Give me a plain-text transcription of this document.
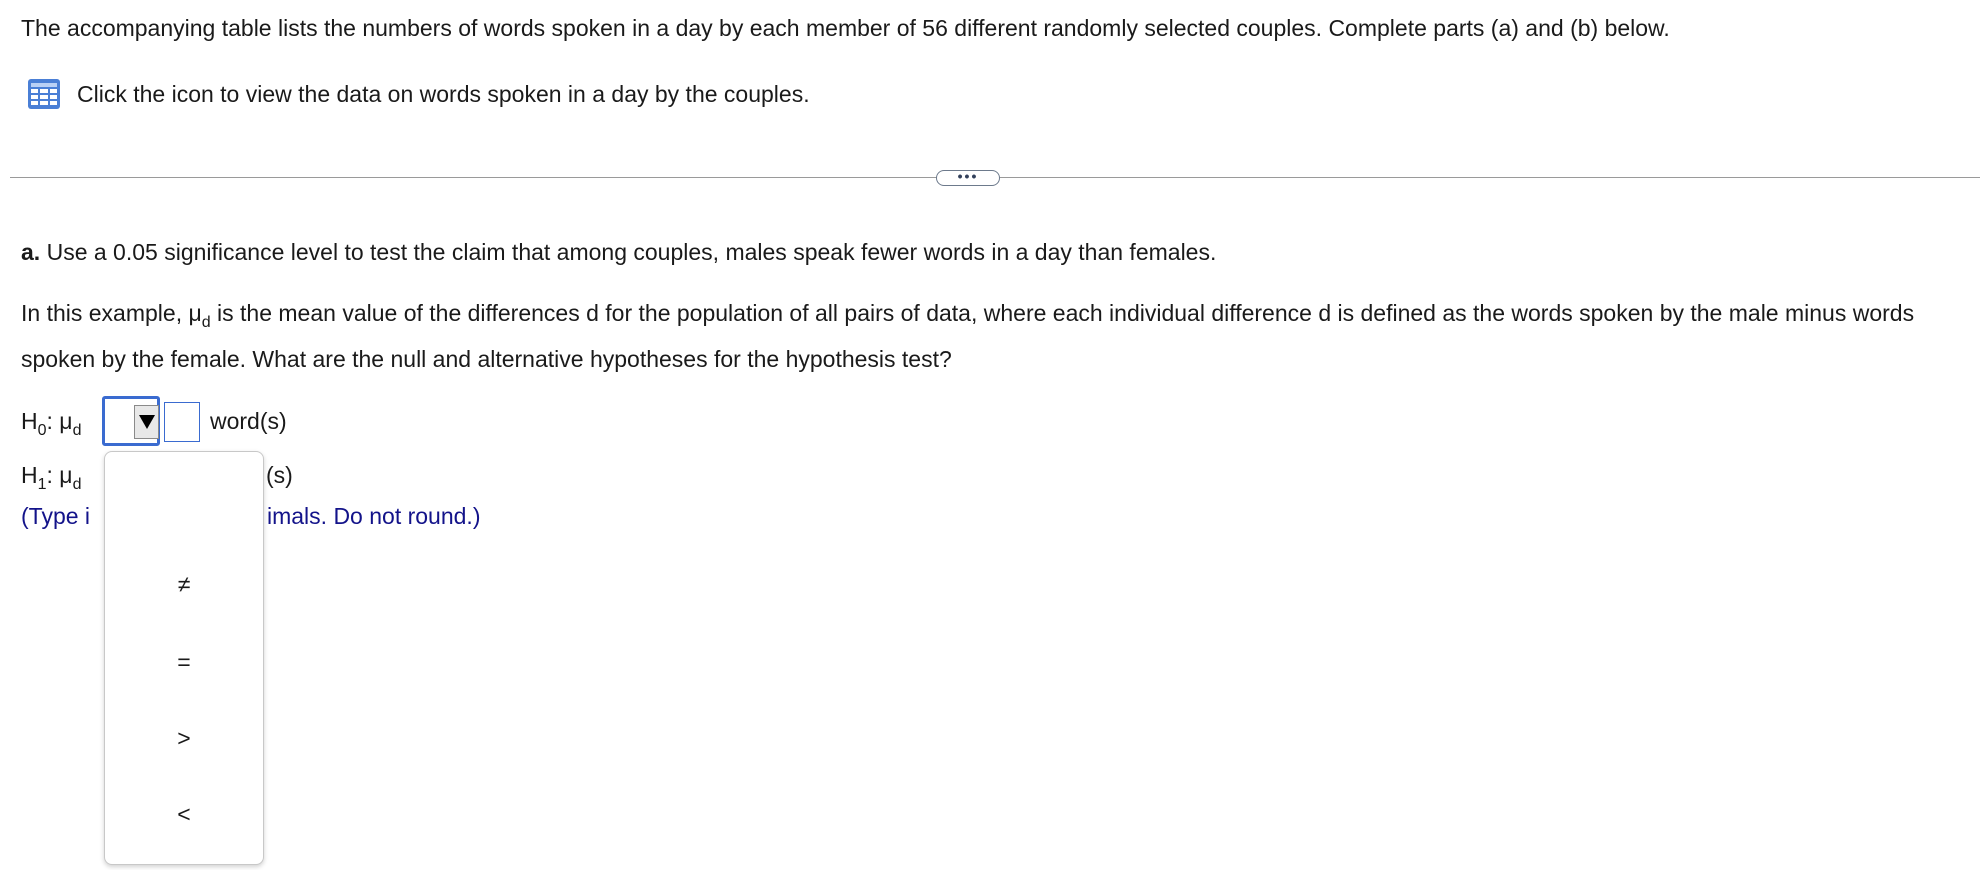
The accompanying table lists the numbers of words spoken in a day by each member of 56 different randomly selected couples. Complete parts (a) and (b) below.
Click the icon to view the data on words spoken in a day by the couples.
•••
a. Use a 0.05 significance level to test the claim that among couples, males speak fewer words in a day than females.
In this example, $\mu_d$ is the mean value of the differences d for the population of all pairs of data, where each individual difference d is defined as the words spoken by the male minus words spoken by the female. What are the null and alternative hypotheses for the hypothesis test?
$H_0$: $\mu_d$	word(s)
$H_1$: $\mu_d$	(s)
(Type i	imals. Do not round.)
≠
=
>
<
